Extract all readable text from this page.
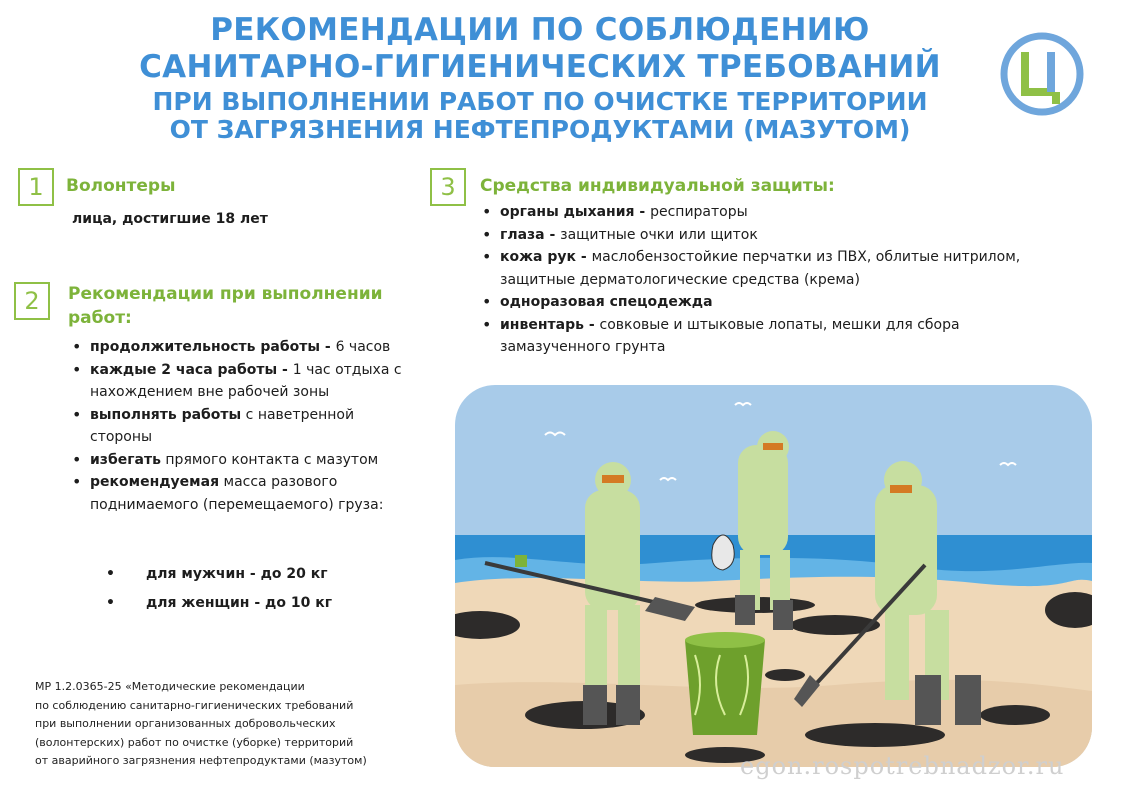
РЕКОМЕНДАЦИИ ПО СОБЛЮДЕНИЮ
САНИТАРНО-ГИГИЕНИЧЕСКИХ ТРЕБОВАНИЙ
ПРИ ВЫПОЛНЕНИИ РАБОТ ПО ОЧИСТКЕ ТЕРРИТОРИИ
ОТ ЗАГРЯЗНЕНИЯ НЕФТЕПРОДУКТАМИ (МАЗУТОМ)
1	Волонтеры
лица, достигшие 18 лет
2	Рекомендации при выполнении
работ:
• продолжительность работы - 6 часов
• каждые 2 часа работы - 1 час отдыха с нахождением вне рабочей зоны
• выполнять работы с наветренной стороны
• избегать прямого контакта с мазутом
• рекомендуемая масса разового поднимаемого (перемещаемого) груза:
• для мужчин - до 20 кг
• для женщин - до 10 кг
3	Средства индивидуальной защиты:
• органы дыхания - респираторы
• глаза - защитные очки или щиток
• кожа рук - маслобензостойкие перчатки из ПВХ, облитые нитрилом, защитные дерматологические средства (крема)
• одноразовая спецодежда
• инвентарь - совковые и штыковые лопаты, мешки для сбора замазученного грунта
МР 1.2.0365-25 «Методические рекомендации
по соблюдению санитарно-гигиенических требований
при выполнении организованных добровольческих
(волонтерских) работ по очистке (уборке) территорий
от аварийного загрязнения нефтепродуктами (мазутом)	egon.rospotrebnadzor.ru
